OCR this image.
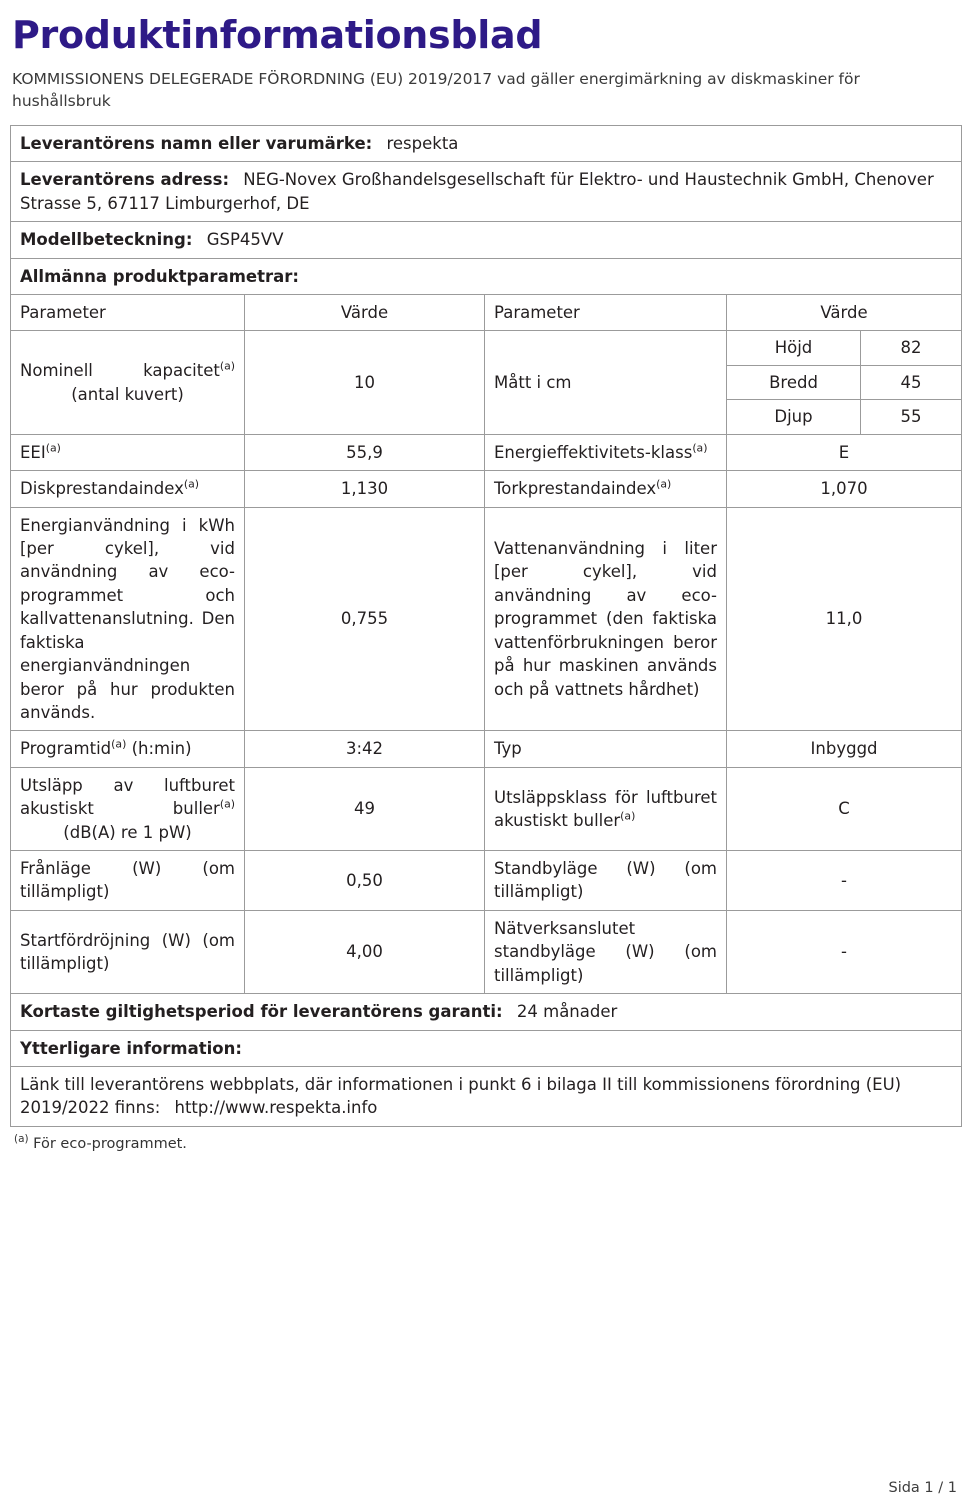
Produktinformationsblad
KOMMISSIONENS DELEGERADE FÖRORDNING (EU) 2019/2017 vad gäller energimärkning av diskmaskiner för hushållsbruk
Leverantörens namn eller varumärke: respekta
Leverantörens adress: NEG-Novex Großhandelsgesellschaft für Elektro- und Haustechnik GmbH, Chenover Strasse 5, 67117 Limburgerhof, DE
Modellbeteckning: GSP45VV
Allmänna produktparametrar:
Parameter	Värde	Parameter	Värde

Nominell kapacitet$^{(a)}$
(antal kuvert)
	10	Mått i cm	
Höjd	82
Bredd	45
Djup	55

EEI$^{(a)}$	55,9	Energieffektivitets-klass$^{(a)}$	E
Diskprestandaindex$^{(a)}$	1,130	Torkprestandaindex$^{(a)}$	1,070
Energianvändning i kWh [per cykel], vid användning av eco-programmet och kallvattenanslutning. Den faktiska energianvändningen beror på hur produkten används.	0,755	Vattenanvändning i liter [per cykel], vid användning av eco-programmet (den faktiska vattenförbrukningen beror på hur maskinen används och på vattnets hårdhet)	11,0
Programtid$^{(a)}$ (h:min)	3:42	Typ	Inbyggd

Utsläpp av luftburet akustiskt buller$^{(a)}$
(dB(A) re 1 pW)
	49	Utsläppsklass för luftburet akustiskt buller$^{(a)}$	C
Frånläge (W) (om tillämpligt)	0,50	Standbyläge (W) (om tillämpligt)	-
Startfördröjning (W) (om tillämpligt)	4,00	Nätverksanslutet standbyläge (W) (om tillämpligt)	-
Kortaste giltighetsperiod för leverantörens garanti: 24 månader
Ytterligare information:
Länk till leverantörens webbplats, där informationen i punkt 6 i bilaga II till kommissionens förordning (EU) 2019/2022 finns: http://www.respekta.info
$^{(a)}$ För eco-programmet.
Sida 1 / 1
